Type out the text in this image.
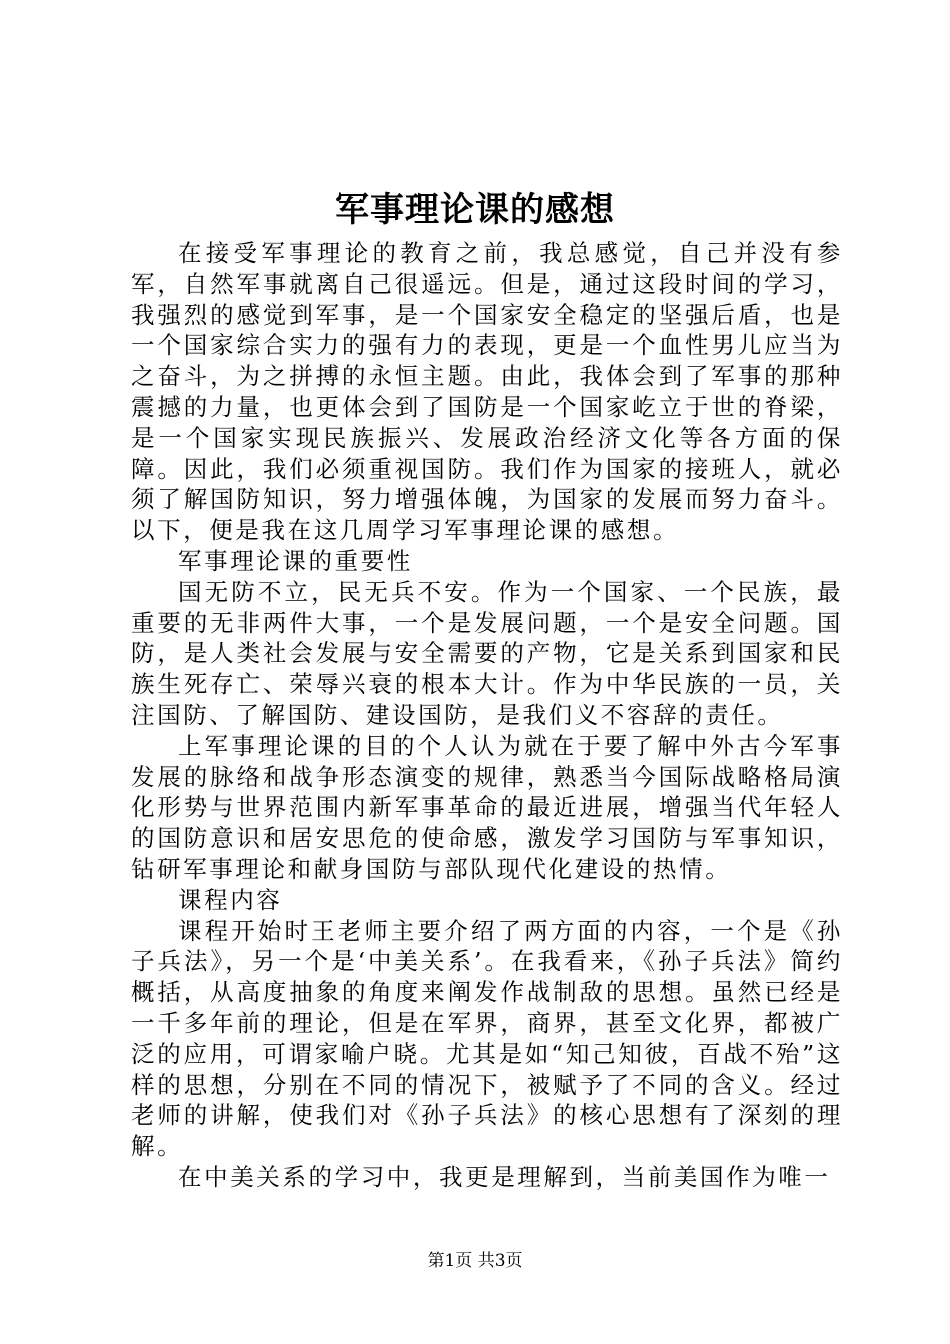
军事理论课的感想

在接受军事理论的教育之前，我总感觉，自己并没有参军，自然军事就离自己很遥远。但是，通过这段时间的学习，我强烈的感觉到军事，是一个国家安全稳定的坚强后盾，也是一个国家综合实力的强有力的表现，更是一个血性男儿应当为之奋斗，为之拼搏的永恒主题。由此，我体会到了军事的那种震撼的力量，也更体会到了国防是一个国家屹立于世的脊梁，是一个国家实现民族振兴、发展政治经济文化等各方面的保障。因此，我们必须重视国防。我们作为国家的接班人，就必须了解国防知识，努力增强体魄，为国家的发展而努力奋斗。以下，便是我在这几周学习军事理论课的感想。

军事理论课的重要性

国无防不立，民无兵不安。作为一个国家、一个民族，最重要的无非两件大事，一个是发展问题，一个是安全问题。国防，是人类社会发展与安全需要的产物，它是关系到国家和民族生死存亡、荣辱兴衰的根本大计。作为中华民族的一员，关注国防、了解国防、建设国防，是我们义不容辞的责任。

上军事理论课的目的个人认为就在于要了解中外古今军事发展的脉络和战争形态演变的规律，熟悉当今国际战略格局演化形势与世界范围内新军事革命的最近进展，增强当代年轻人的国防意识和居安思危的使命感，激发学习国防与军事知识，钻研军事理论和献身国防与部队现代化建设的热情。

课程内容

课程开始时王老师主要介绍了两方面的内容，一个是《孙子兵法》，另一个是‘中美关系’。在我看来，《孙子兵法》简约概括，从高度抽象的角度来阐发作战制敌的思想。虽然已经是一千多年前的理论，但是在军界，商界，甚至文化界，都被广泛的应用，可谓家喻户晓。尤其是如“知己知彼，百战不殆”这样的思想，分别在不同的情况下，被赋予了不同的含义。经过老师的讲解，使我们对《孙子兵法》的核心思想有了深刻的理解。

在中美关系的学习中，我更是理解到，当前美国作为唯一

第1页 共3页
